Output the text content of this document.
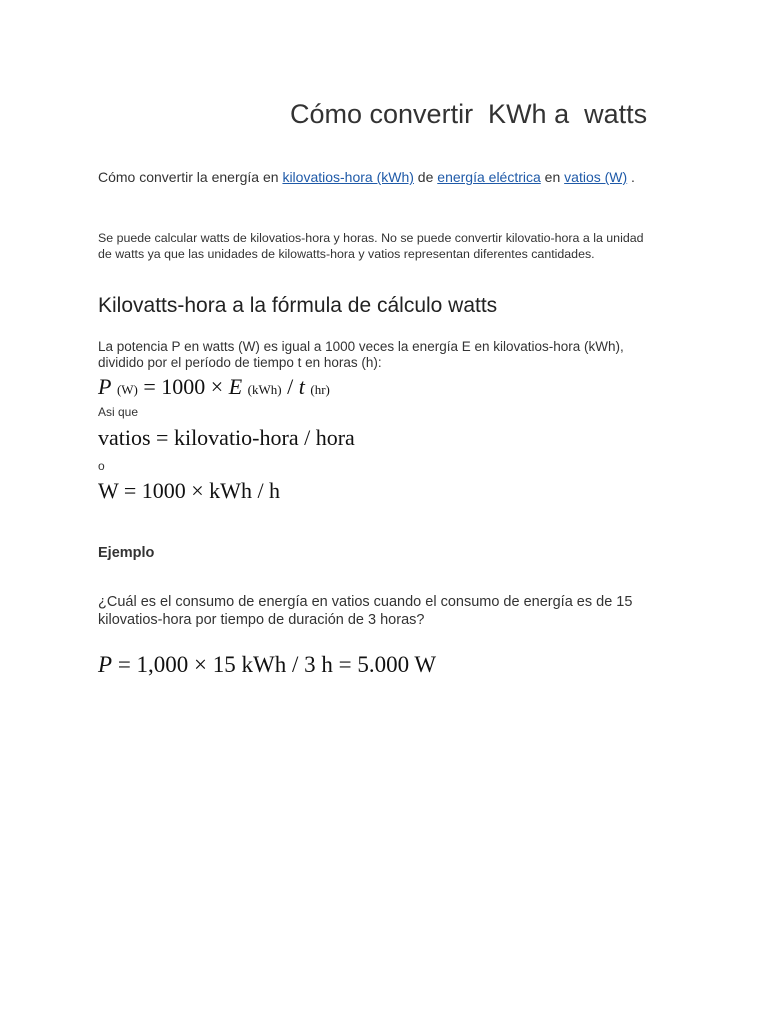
Cómo convertir  KWh a  watts
Cómo convertir la energía en kilovatios-hora (kWh) de energía eléctrica en vatios (W) .
Se puede calcular watts de kilovatios-hora y horas. No se puede convertir kilovatio-hora a la unidad de watts ya que las unidades de kilowatts-hora y vatios representan diferentes cantidades.
Kilovatts-hora a la fórmula de cálculo watts
La potencia P en watts (W) es igual a 1000 veces la energía E en kilovatios-hora (kWh), dividido por el período de tiempo t en horas (h):
P (W) = 1000 × E (kWh) / t (hr)
Asi que
vatios = kilovatio-hora / hora
o
W = 1000 × kWh / h
Ejemplo
¿Cuál es el consumo de energía en vatios cuando el consumo de energía es de 15 kilovatios-hora por tiempo de duración de 3 horas?
P = 1,000 × 15 kWh / 3 h = 5.000 W
